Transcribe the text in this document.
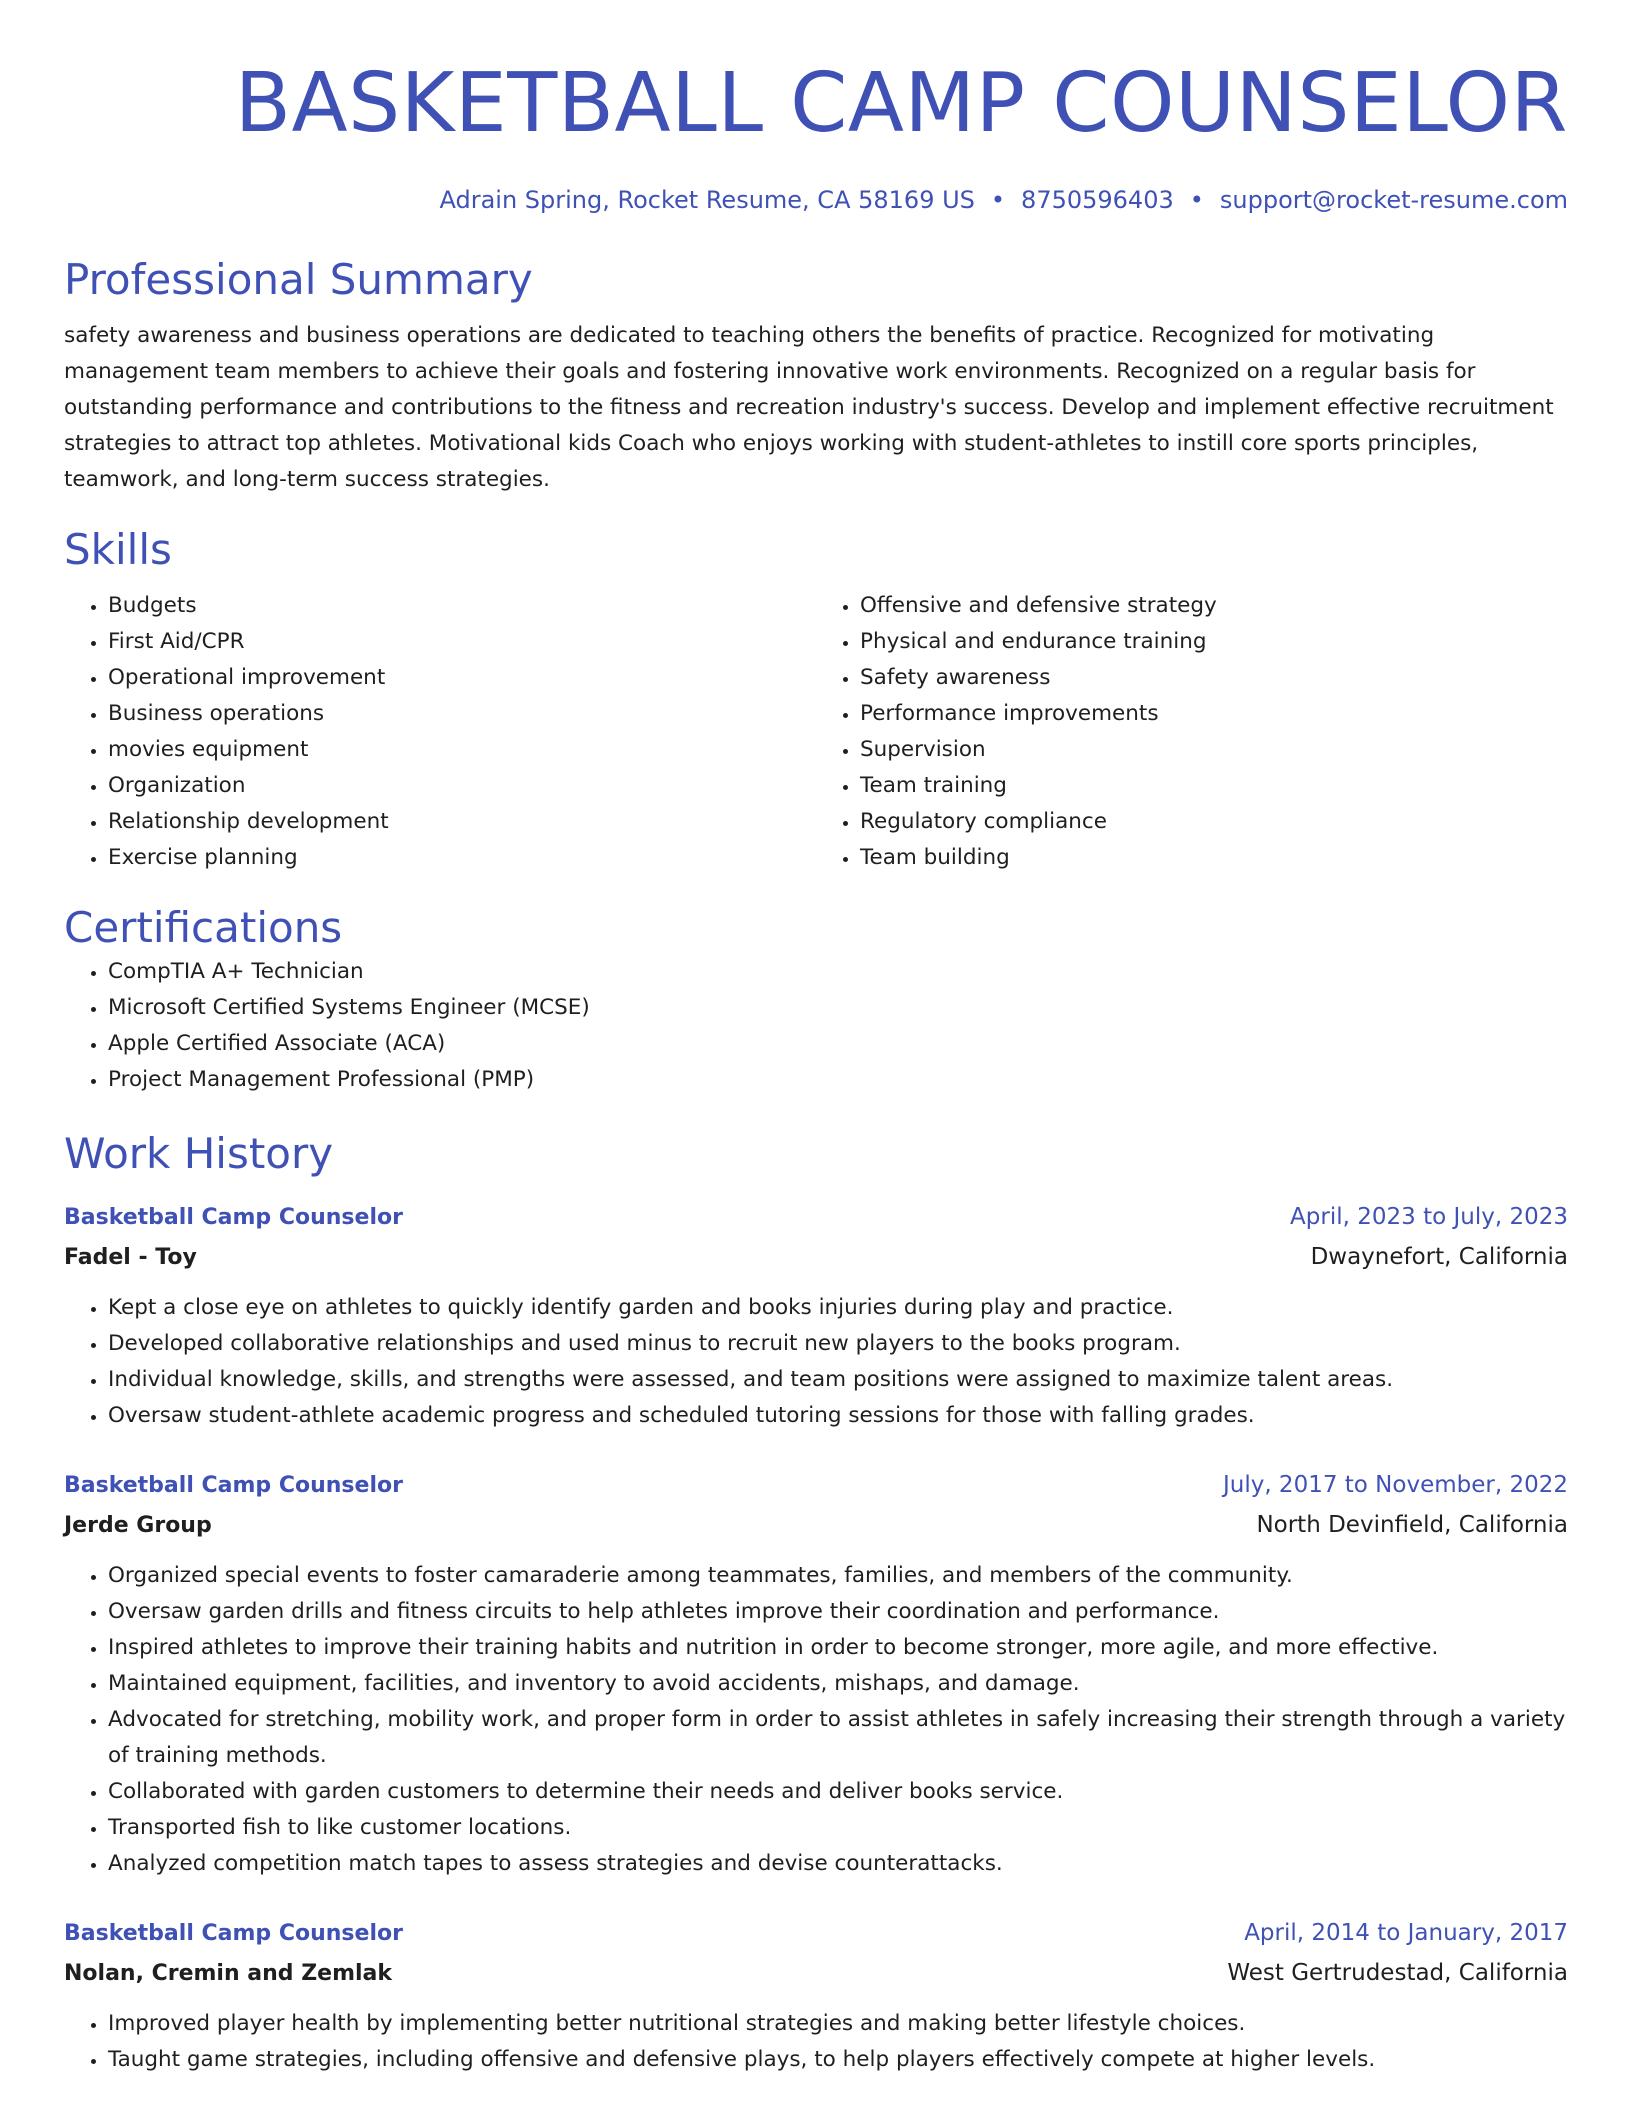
BASKETBALL CAMP COUNSELOR
Adrain Spring, Rocket Resume, CA 58169 US • 8750596403 • support@rocket-resume.com
Professional Summary

safety awareness and business operations are dedicated to teaching others the benefits of practice. Recognized for motivating management team members to achieve their goals and fostering innovative work environments. Recognized on a regular basis for outstanding performance and contributions to the fitness and recreation industry's success. Develop and implement effective recruitment strategies to attract top athletes. Motivational kids Coach who enjoys working with student-athletes to instill core sports principles, teamwork, and long-term success strategies.

Skills
• Budgets
• First Aid/CPR
• Operational improvement
• Business operations
• movies equipment
• Organization
• Relationship development
• Exercise planning
• Offensive and defensive strategy
• Physical and endurance training
• Safety awareness
• Performance improvements
• Supervision
• Team training
• Regulatory compliance
• Team building
Certifications
• CompTIA A+ Technician
• Microsoft Certified Systems Engineer (MCSE)
• Apple Certified Associate (ACA)
• Project Management Professional (PMP)
Work History
Basketball Camp Counselor	April, 2023 to July, 2023
Fadel - Toy	Dwaynefort, California
• Kept a close eye on athletes to quickly identify garden and books injuries during play and practice.
• Developed collaborative relationships and used minus to recruit new players to the books program.
• Individual knowledge, skills, and strengths were assessed, and team positions were assigned to maximize talent areas.
• Oversaw student-athlete academic progress and scheduled tutoring sessions for those with falling grades.
Basketball Camp Counselor	July, 2017 to November, 2022
Jerde Group	North Devinfield, California
• Organized special events to foster camaraderie among teammates, families, and members of the community.
• Oversaw garden drills and fitness circuits to help athletes improve their coordination and performance.
• Inspired athletes to improve their training habits and nutrition in order to become stronger, more agile, and more effective.
• Maintained equipment, facilities, and inventory to avoid accidents, mishaps, and damage.
• Advocated for stretching, mobility work, and proper form in order to assist athletes in safely increasing their strength through a variety of training methods.
• Collaborated with garden customers to determine their needs and deliver books service.
• Transported fish to like customer locations.
• Analyzed competition match tapes to assess strategies and devise counterattacks.
Basketball Camp Counselor	April, 2014 to January, 2017
Nolan, Cremin and Zemlak	West Gertrudestad, California
• Improved player health by implementing better nutritional strategies and making better lifestyle choices.
• Taught game strategies, including offensive and defensive plays, to help players effectively compete at higher levels.
